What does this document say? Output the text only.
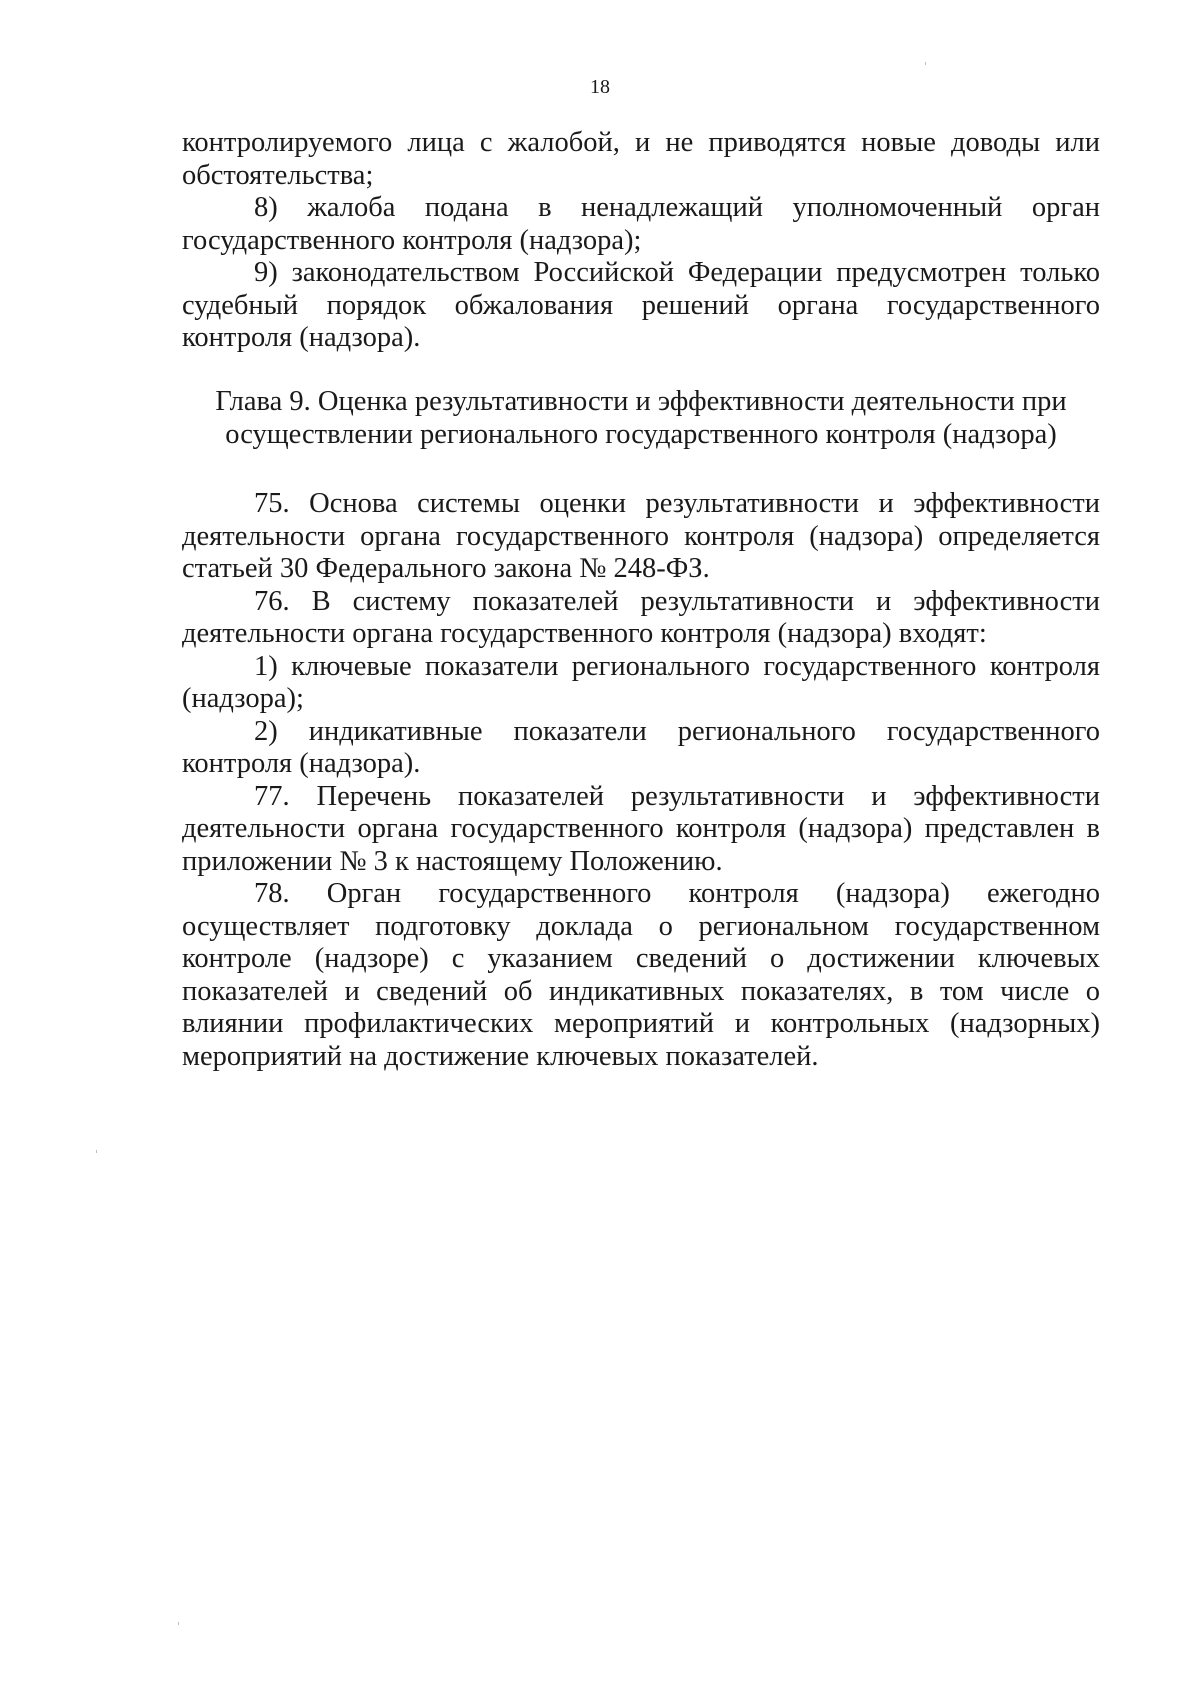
18

контролируемого лица с жалобой, и не приводятся новые доводы или обстоятельства;

8) жалоба подана в ненадлежащий уполномоченный орган государственного контроля (надзора);

9) законодательством Российской Федерации предусмотрен только судебный порядок обжалования решений органа государственного контроля (надзора).

Глава 9. Оценка результативности и эффективности деятельности при

осуществлении регионального государственного контроля (надзора)

75. Основа системы оценки результативности и эффективности деятельности органа государственного контроля (надзора) определяется статьей 30 Федерального закона № 248-ФЗ.

76. В систему показателей результативности и эффективности деятельности органа государственного контроля (надзора) входят:

1) ключевые показатели регионального государственного контроля (надзора);

2) индикативные показатели регионального государственного контроля (надзора).

77. Перечень показателей результативности и эффективности деятельности органа государственного контроля (надзора) представлен в приложении № 3 к настоящему Положению.

78. Орган государственного контроля (надзора) ежегодно осуществляет подготовку доклада о региональном государственном контроле (надзоре) с указанием сведений о достижении ключевых показателей и сведений об индикативных показателях, в том числе о влиянии профилактических мероприятий и контрольных (надзорных) мероприятий на достижение ключевых показателей.
